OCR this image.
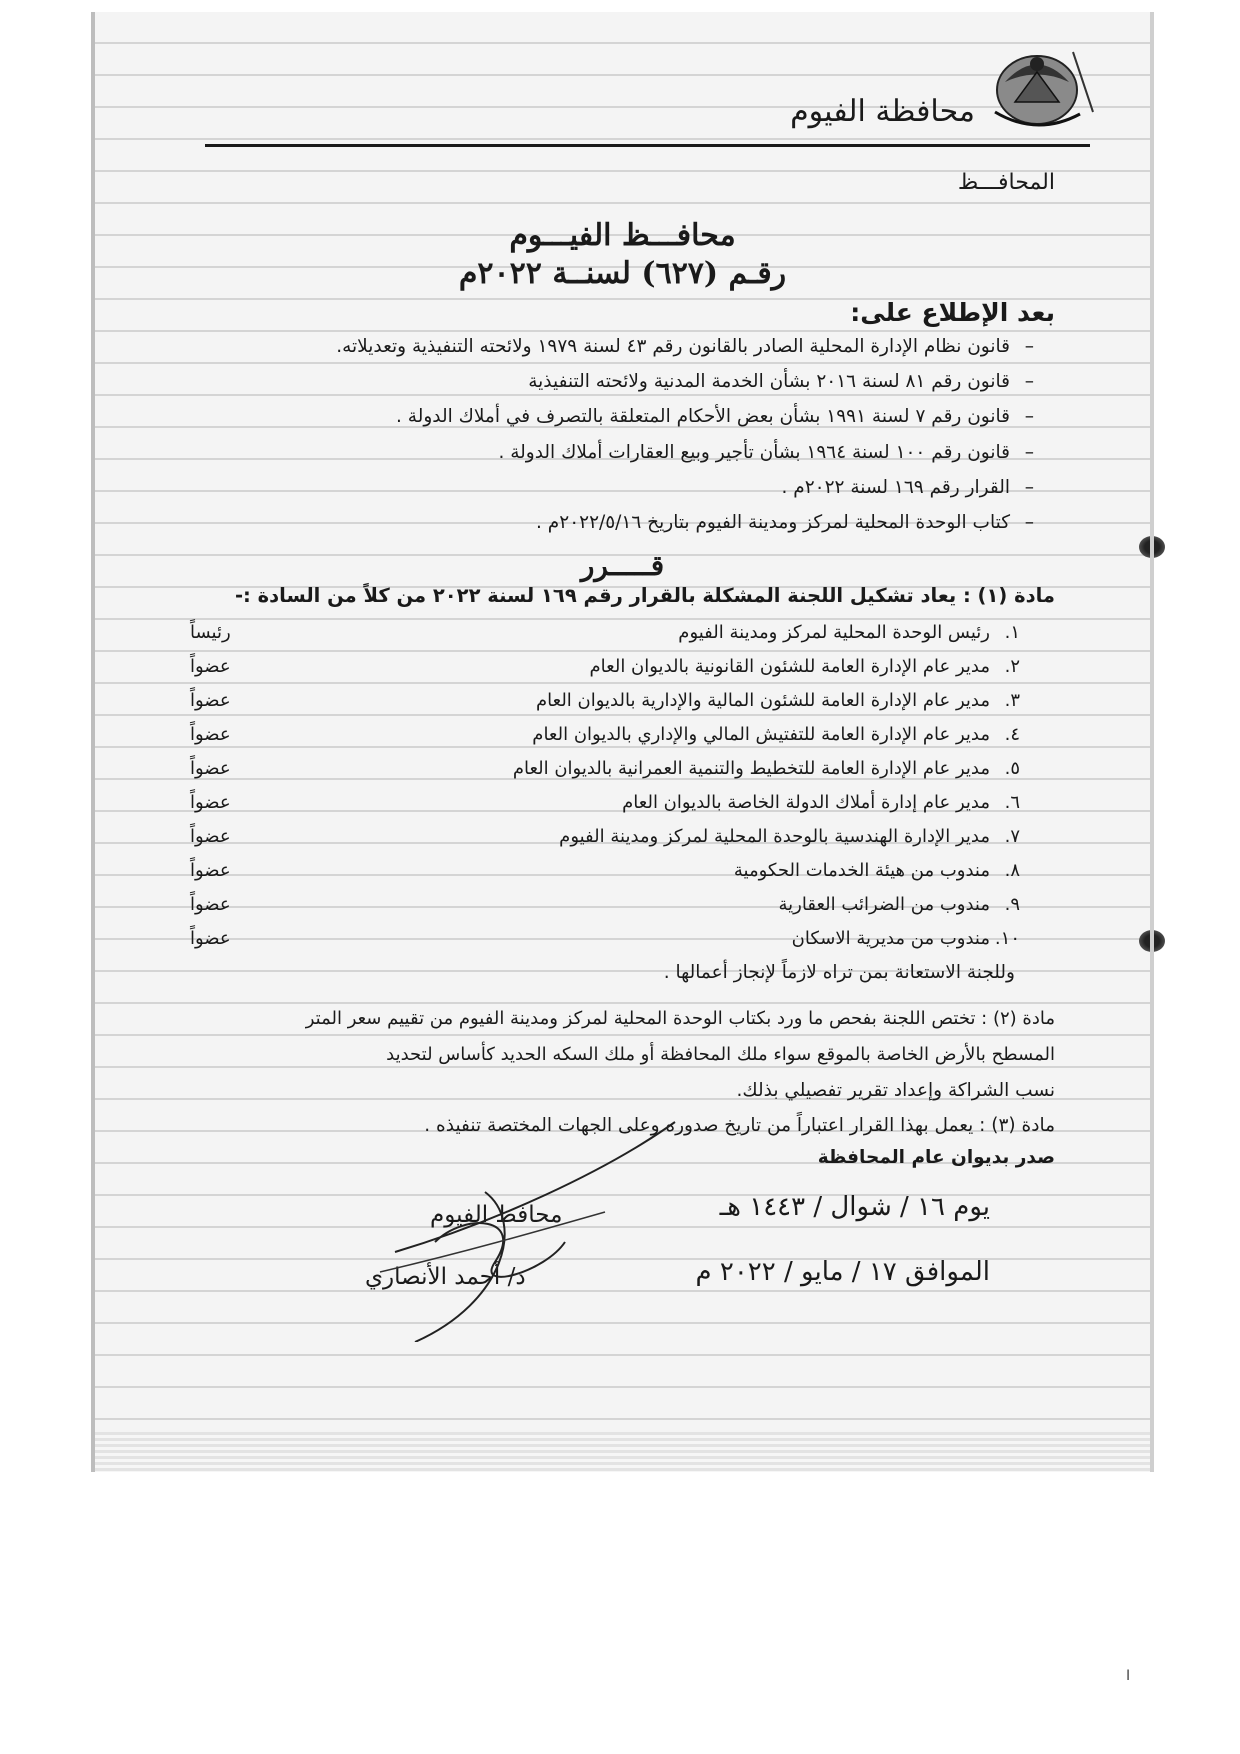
محافظة الفيوم
المحافـــظ
محافـــظ الفيـــوم
رقـم (٦٢٧) لسنــة ٢٠٢٢م
بعد الإطلاع على:
–
قانون نظام الإدارة المحلية الصادر بالقانون رقم ٤٣ لسنة ١٩٧٩ ولائحته التنفيذية وتعديلاته.
–
قانون رقم ٨١ لسنة ٢٠١٦ بشأن الخدمة المدنية ولائحته التنفيذية
–
قانون رقم ٧ لسنة ١٩٩١ بشأن بعض الأحكام المتعلقة بالتصرف في أملاك الدولة .
–
قانون رقم ١٠٠ لسنة ١٩٦٤ بشأن تأجير وبيع العقارات أملاك الدولة .
–
القرار رقم ١٦٩ لسنة ٢٠٢٢م .
–
كتاب الوحدة المحلية لمركز ومدينة الفيوم بتاريخ ٢٠٢٢/٥/١٦م .
قـــــرر
مادة (١) : يعاد تشكيل اللجنة المشكلة بالقرار رقم ١٦٩ لسنة ٢٠٢٢ من كلاً من السادة :-
١.رئيس الوحدة المحلية لمركز ومدينة الفيوم
رئيساً
٢.مدير عام الإدارة العامة للشئون القانونية بالديوان العام
عضواً
٣.مدير عام الإدارة العامة للشئون المالية والإدارية بالديوان العام
عضواً
٤.مدير عام الإدارة العامة للتفتيش المالي والإداري بالديوان العام
عضواً
٥.مدير عام الإدارة العامة للتخطيط والتنمية العمرانية بالديوان العام
عضواً
٦.مدير عام إدارة أملاك الدولة الخاصة بالديوان العام
عضواً
٧.مدير الإدارة الهندسية بالوحدة المحلية لمركز ومدينة الفيوم
عضواً
٨.مندوب من هيئة الخدمات الحكومية
عضواً
٩.مندوب من الضرائب العقارية
عضواً
١٠.مندوب من مديرية الاسكان
عضواً
وللجنة الاستعانة بمن تراه لازماً لإنجاز أعمالها .
مادة (٢) : تختص اللجنة بفحص ما ورد بكتاب الوحدة المحلية لمركز ومدينة الفيوم من تقييم سعر المتر
المسطح بالأرض الخاصة بالموقع سواء ملك المحافظة أو ملك السكه الحديد كأساس لتحديد
نسب الشراكة وإعداد تقرير تفصيلي بذلك.
مادة (٣) : يعمل بهذا القرار اعتباراً من تاريخ صدوره وعلى الجهات المختصة تنفيذه .
صدر بديوان عام المحافظة
يوم ١٦ / شوال / ١٤٤٣ هـ
الموافق ١٧ / مايو / ٢٠٢٢ م
محافظ الفيوم
د/ أحمد الأنصاري
ا
